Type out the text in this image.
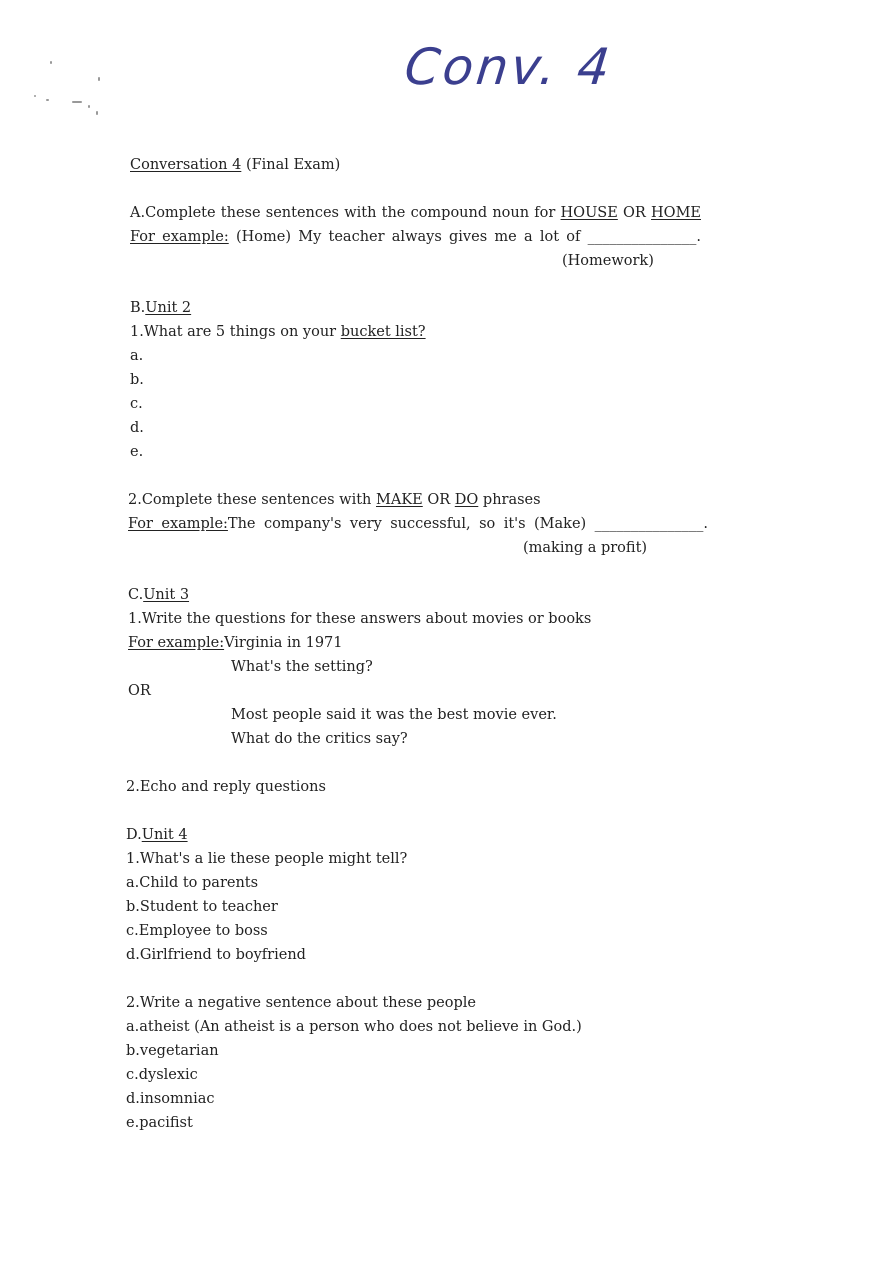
Conv. 4
Conversation 4 (Final Exam)
A.Complete these sentences with the compound noun for HOUSE OR HOME
For example: (Home) My teacher always gives me a lot of _______________.
(Homework)
B.Unit 2
1.What are 5 things on your bucket list?
a.
b.
c.
d.
e.
2.Complete these sentences with MAKE OR DO phrases
For example:The company's very successful, so it's (Make) _______________.
(making a profit)
C.Unit 3
1.Write the questions for these answers about movies or books
For example:Virginia in 1971
What's the setting?
OR
Most people said it was the best movie ever.
What do the critics say?
2.Echo and reply questions
D.Unit 4
1.What's a lie these people might tell?
a.Child to parents
b.Student to teacher
c.Employee to boss
d.Girlfriend to boyfriend
2.Write a negative sentence about these people
a.atheist (An atheist is a person who does not believe in God.)
b.vegetarian
c.dyslexic
d.insomniac
e.pacifist
